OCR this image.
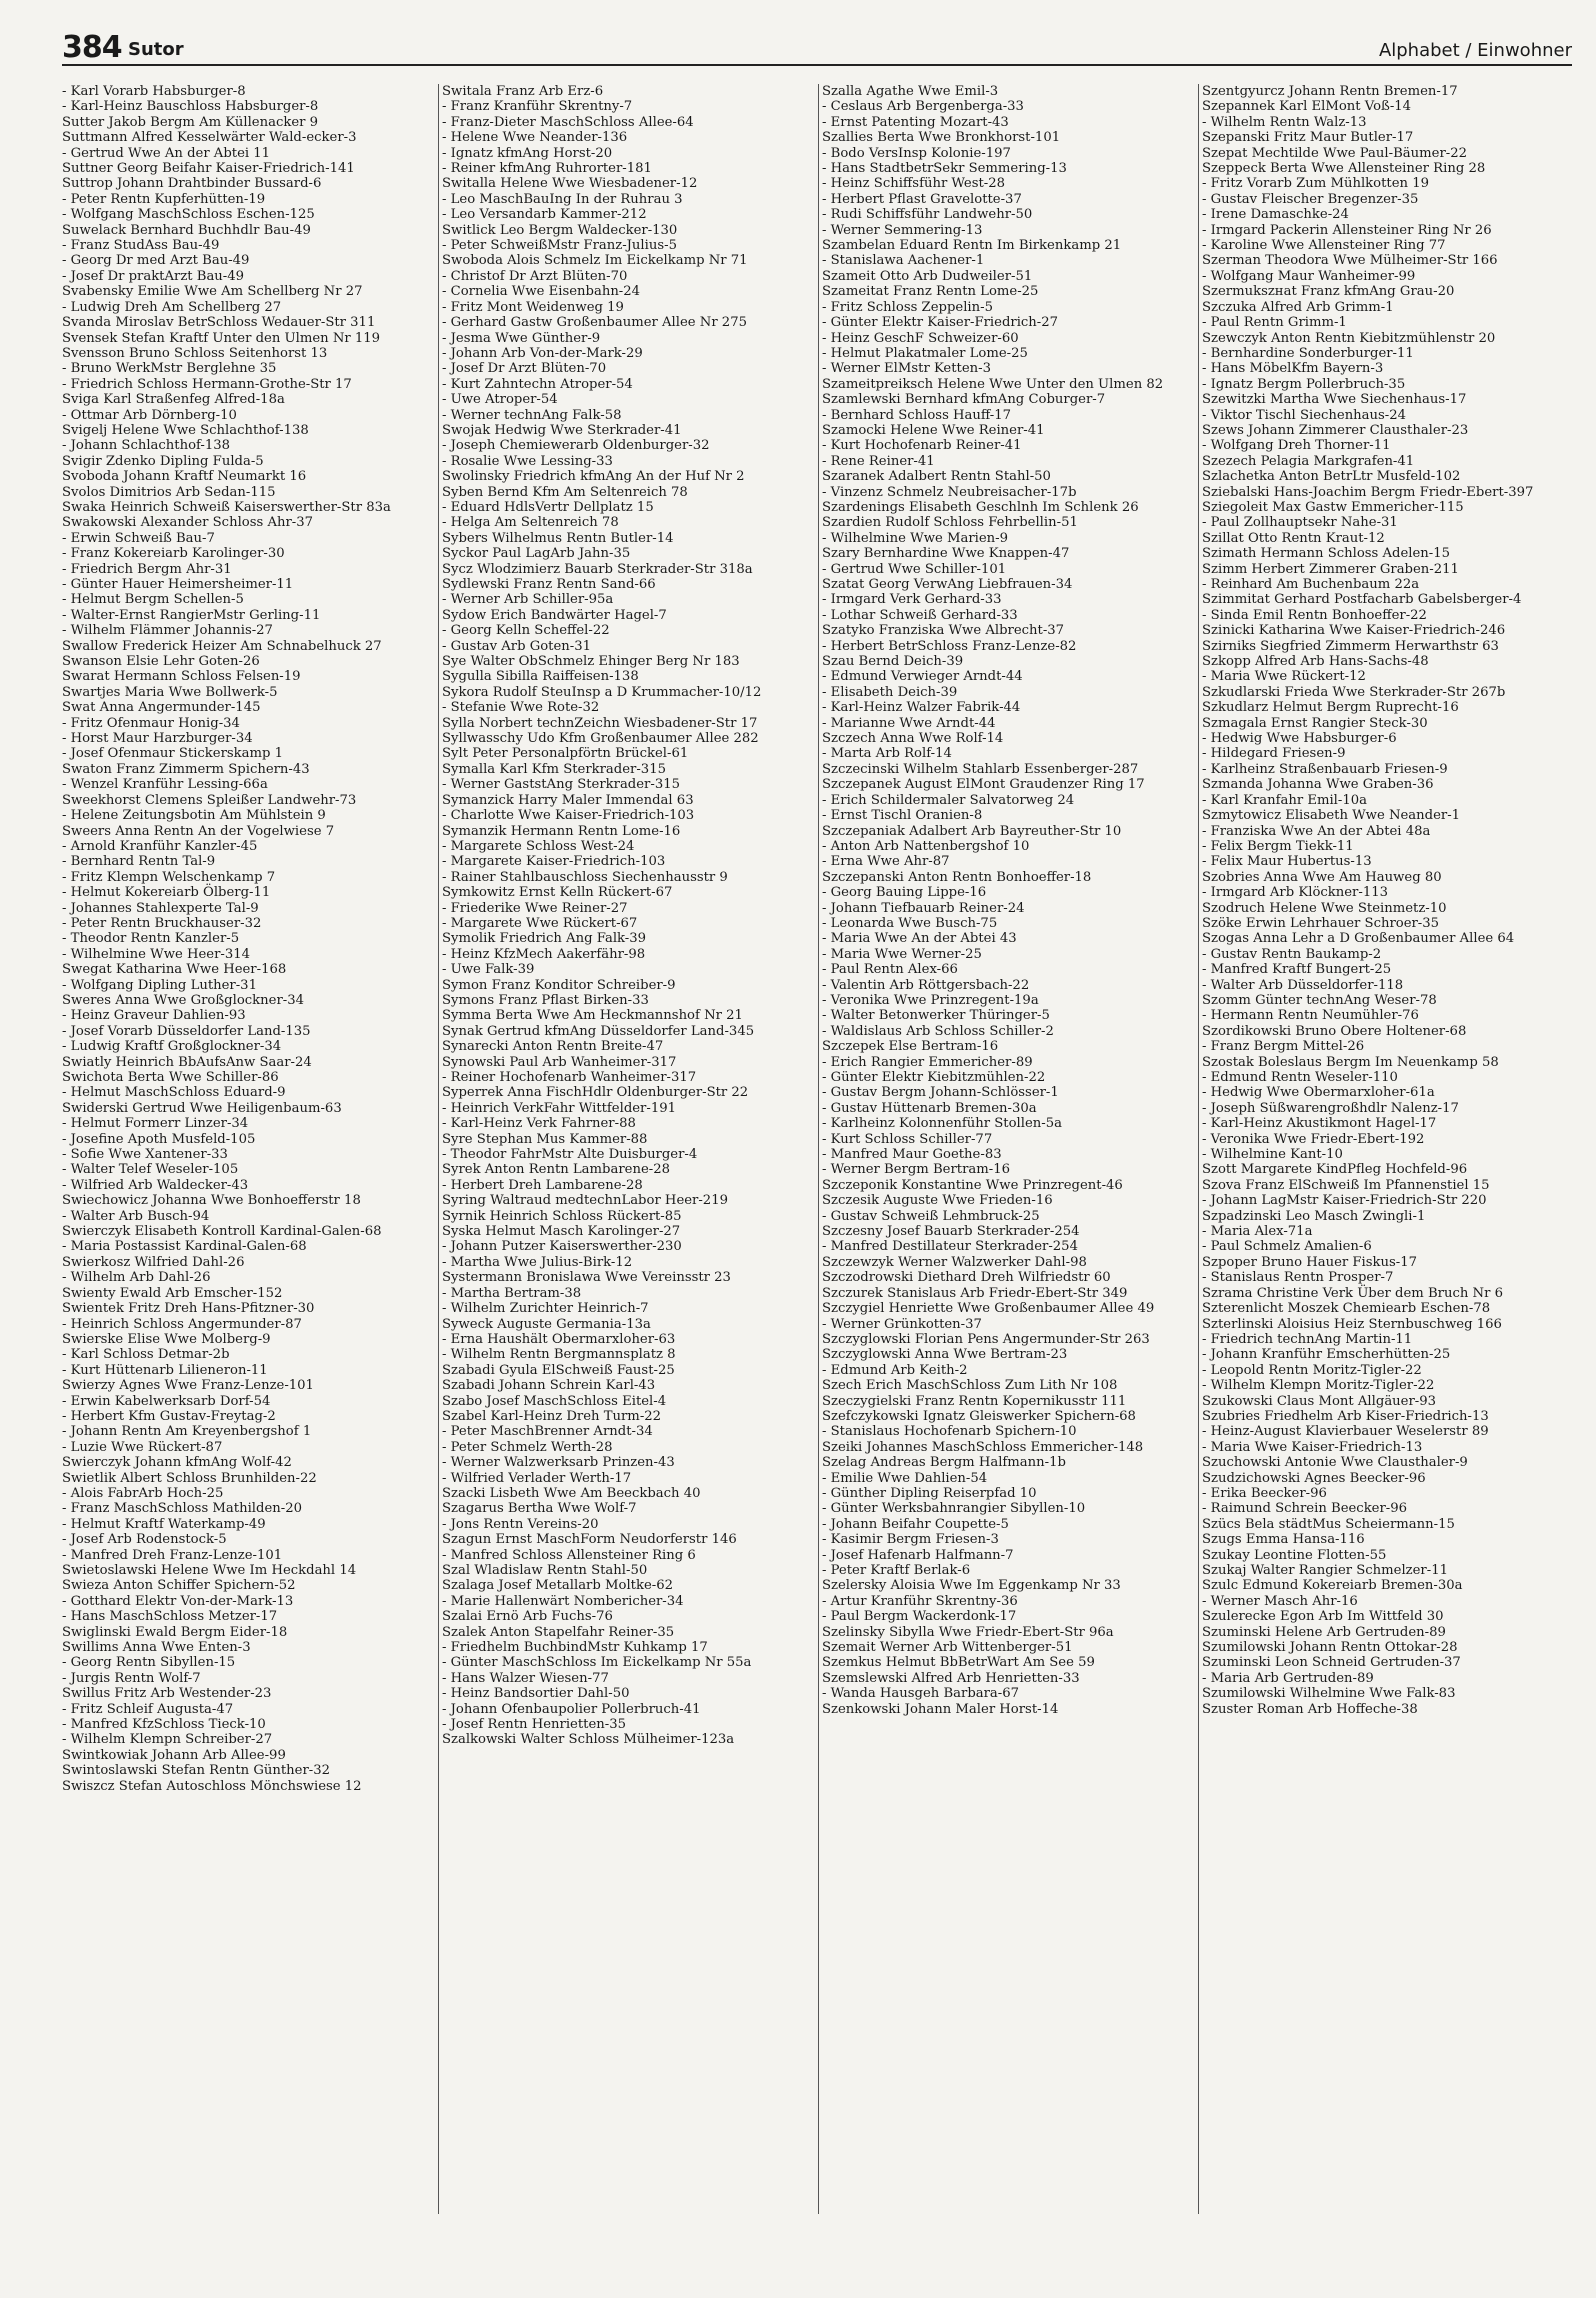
384 Sutor	Alphabet / Einwohner

- Karl Vorarb Habsburger-8

- Karl-Heinz Bauschloss Habsburger-8

Sutter Jakob Bergm Am Küllenacker 9

Suttmann Alfred Kesselwärter Wald-ecker-3

- Gertrud Wwe An der Abtei 11

Suttner Georg Beifahr Kaiser-Friedrich-141

Suttrop Johann Drahtbinder Bussard-6

- Peter Rentn Kupferhütten-19

- Wolfgang MaschSchloss Eschen-125

Suwelack Bernhard Buchhdlr Bau-49

- Franz StudAss Bau-49

- Georg Dr med Arzt Bau-49

- Josef Dr praktArzt Bau-49

Svabensky Emilie Wwe Am Schellberg Nr 27

- Ludwig Dreh Am Schellberg 27

Svanda Miroslav BetrSchloss Wedauer-Str 311

Svensek Stefan Kraftf Unter den Ulmen Nr 119

Svensson Bruno Schloss Seitenhorst 13

- Bruno WerkMstr Berglehne 35

- Friedrich Schloss Hermann-Grothe-Str 17

Sviga Karl Straßenfeg Alfred-18a

- Ottmar Arb Dörnberg-10

Svigelj Helene Wwe Schlachthof-138

- Johann Schlachthof-138

Svigir Zdenko Dipling Fulda-5

Svoboda Johann Kraftf Neumarkt 16

Svolos Dimitrios Arb Sedan-115

Swaka Heinrich Schweiß Kaiserswerther-Str 83a

Swakowski Alexander Schloss Ahr-37

- Erwin Schweiß Bau-7

- Franz Kokereiarb Karolinger-30

- Friedrich Bergm Ahr-31

- Günter Hauer Heimersheimer-11

- Helmut Bergm Schellen-5

- Walter-Ernst RangierMstr Gerling-11

- Wilhelm Flämmer Johannis-27

Swallow Frederick Heizer Am Schnabelhuck 27

Swanson Elsie Lehr Goten-26

Swarat Hermann Schloss Felsen-19

Swartjes Maria Wwe Bollwerk-5

Swat Anna Angermunder-145

- Fritz Ofenmaur Honig-34

- Horst Maur Harzburger-34

- Josef Ofenmaur Stickerskamp 1

Swaton Franz Zimmerm Spichern-43

- Wenzel Kranführ Lessing-66a

Sweekhorst Clemens Spleißer Landwehr-73

- Helene Zeitungsbotin Am Mühlstein 9

Sweers Anna Rentn An der Vogelwiese 7

- Arnold Kranführ Kanzler-45

- Bernhard Rentn Tal-9

- Fritz Klempn Welschenkamp 7

- Helmut Kokereiarb Ölberg-11

- Johannes Stahlexperte Tal-9

- Peter Rentn Bruckhauser-32

- Theodor Rentn Kanzler-5

- Wilhelmine Wwe Heer-314

Swegat Katharina Wwe Heer-168

- Wolfgang Dipling Luther-31

Sweres Anna Wwe Großglockner-34

- Heinz Graveur Dahlien-93

- Josef Vorarb Düsseldorfer Land-135

- Ludwig Kraftf Großglockner-34

Swiatly Heinrich BbAufsAnw Saar-24

Swichota Berta Wwe Schiller-86

- Helmut MaschSchloss Eduard-9

Swiderski Gertrud Wwe Heiligenbaum-63

- Helmut Formerr Linzer-34

- Josefine Apoth Musfeld-105

- Sofie Wwe Xantener-33

- Walter Telef Weseler-105

- Wilfried Arb Waldecker-43

Swiechowicz Johanna Wwe Bonhoefferstr 18

- Walter Arb Busch-94

Swierczyk Elisabeth Kontroll Kardinal-Galen-68

- Maria Postassist Kardinal-Galen-68

Swierkosz Wilfried Dahl-26

- Wilhelm Arb Dahl-26

Swienty Ewald Arb Emscher-152

Swientek Fritz Dreh Hans-Pfitzner-30

- Heinrich Schloss Angermunder-87

Swierske Elise Wwe Molberg-9

- Karl Schloss Detmar-2b

- Kurt Hüttenarb Lilieneron-11

Swierzy Agnes Wwe Franz-Lenze-101

- Erwin Kabelwerksarb Dorf-54

- Herbert Kfm Gustav-Freytag-2

- Johann Rentn Am Kreyenbergshof 1

- Luzie Wwe Rückert-87

Swierczyk Johann kfmAng Wolf-42

Swietlik Albert Schloss Brunhilden-22

- Alois FabrArb Hoch-25

- Franz MaschSchloss Mathilden-20

- Helmut Kraftf Waterkamp-49

- Josef Arb Rodenstock-5

- Manfred Dreh Franz-Lenze-101

Swietoslawski Helene Wwe Im Heckdahl 14

Swieza Anton Schiffer Spichern-52

- Gotthard Elektr Von-der-Mark-13

- Hans MaschSchloss Metzer-17

Swiglinski Ewald Bergm Eider-18

Swillims Anna Wwe Enten-3

- Georg Rentn Sibyllen-15

- Jurgis Rentn Wolf-7

Swillus Fritz Arb Westender-23

- Fritz Schleif Augusta-47

- Manfred KfzSchloss Tieck-10

- Wilhelm Klempn Schreiber-27

Swintkowiak Johann Arb Allee-99

Swintoslawski Stefan Rentn Günther-32

Swiszcz Stefan Autoschloss Mönchswiese 12

Switala Franz Arb Erz-6

- Franz Kranführ Skrentny-7

- Franz-Dieter MaschSchloss Allee-64

- Helene Wwe Neander-136

- Ignatz kfmAng Horst-20

- Reiner kfmAng Ruhrorter-181

Switalla Helene Wwe Wiesbadener-12

- Leo MaschBauIng In der Ruhrau 3

- Leo Versandarb Kammer-212

Switlick Leo Bergm Waldecker-130

- Peter SchweißMstr Franz-Julius-5

Swoboda Alois Schmelz Im Eickelkamp Nr 71

- Christof Dr Arzt Blüten-70

- Cornelia Wwe Eisenbahn-24

- Fritz Mont Weidenweg 19

- Gerhard Gastw Großenbaumer Allee Nr 275

- Jesma Wwe Günther-9

- Johann Arb Von-der-Mark-29

- Josef Dr Arzt Blüten-70

- Kurt Zahntechn Atroper-54

- Uwe Atroper-54

- Werner technAng Falk-58

Swojak Hedwig Wwe Sterkrader-41

- Joseph Chemiewerarb Oldenburger-32

- Rosalie Wwe Lessing-33

Swolinsky Friedrich kfmAng An der Huf Nr 2

Syben Bernd Kfm Am Seltenreich 78

- Eduard HdlsVertr Dellplatz 15

- Helga Am Seltenreich 78

Sybers Wilhelmus Rentn Butler-14

Syckor Paul LagArb Jahn-35

Sycz Wlodzimierz Bauarb Sterkrader-Str 318a

Sydlewski Franz Rentn Sand-66

- Werner Arb Schiller-95a

Sydow Erich Bandwärter Hagel-7

- Georg Kelln Scheffel-22

- Gustav Arb Goten-31

Sye Walter ObSchmelz Ehinger Berg Nr 183

Sygulla Sibilla Raiffeisen-138

Sykora Rudolf SteuInsp a D Krummacher-10/12

- Stefanie Wwe Rote-32

Sylla Norbert technZeichn Wiesbadener-Str 17

Syllwasschy Udo Kfm Großenbaumer Allee 282

Sylt Peter Personalpförtn Brückel-61

Symalla Karl Kfm Sterkrader-315

- Werner GaststAng Sterkrader-315

Symanzick Harry Maler Immendal 63

- Charlotte Wwe Kaiser-Friedrich-103

Symanzik Hermann Rentn Lome-16

- Margarete Schloss West-24

- Margarete Kaiser-Friedrich-103

- Rainer Stahlbauschloss Siechenhausstr 9

Symkowitz Ernst Kelln Rückert-67

- Friederike Wwe Reiner-27

- Margarete Wwe Rückert-67

Symolik Friedrich Ang Falk-39

- Heinz KfzMech Aakerfähr-98

- Uwe Falk-39

Symon Franz Konditor Schreiber-9

Symons Franz Pflast Birken-33

Symma Berta Wwe Am Heckmannshof Nr 21

Synak Gertrud kfmAng Düsseldorfer Land-345

Synarecki Anton Rentn Breite-47

Synowski Paul Arb Wanheimer-317

- Reiner Hochofenarb Wanheimer-317

Syperrek Anna FischHdlr Oldenburger-Str 22

- Heinrich VerkFahr Wittfelder-191

- Karl-Heinz Verk Fahrner-88

Syre Stephan Mus Kammer-88

- Theodor FahrMstr Alte Duisburger-4

Syrek Anton Rentn Lambarene-28

- Herbert Dreh Lambarene-28

Syring Waltraud medtechnLabor Heer-219

Syrnik Heinrich Schloss Rückert-85

Syska Helmut Masch Karolinger-27

- Johann Putzer Kaiserswerther-230

- Martha Wwe Julius-Birk-12

Systermann Bronislawa Wwe Vereinsstr 23

- Martha Bertram-38

- Wilhelm Zurichter Heinrich-7

Syweck Auguste Germania-13a

- Erna Haushält Obermarxloher-63

- Wilhelm Rentn Bergmannsplatz 8

Szabadi Gyula ElSchweiß Faust-25

Szabadi Johann Schrein Karl-43

Szabo Josef MaschSchloss Eitel-4

Szabel Karl-Heinz Dreh Turm-22

- Peter MaschBrenner Arndt-34

- Peter Schmelz Werth-28

- Werner Walzwerksarb Prinzen-43

- Wilfried Verlader Werth-17

Szacki Lisbeth Wwe Am Beeckbach 40

Szagarus Bertha Wwe Wolf-7

- Jons Rentn Vereins-20

Szagun Ernst MaschForm Neudorferstr 146

- Manfred Schloss Allensteiner Ring 6

Szal Wladislaw Rentn Stahl-50

Szalaga Josef Metallarb Moltke-62

- Marie Hallenwärt Nombericher-34

Szalai Ernö Arb Fuchs-76

Szalek Anton Stapelfahr Reiner-35

- Friedhelm BuchbindMstr Kuhkamp 17

- Günter MaschSchloss Im Eickelkamp Nr 55a

- Hans Walzer Wiesen-77

- Heinz Bandsortier Dahl-50

- Johann Ofenbaupolier Pollerbruch-41

- Josef Rentn Henrietten-35

Szalkowski Walter Schloss Mülheimer-123a

Szalla Agathe Wwe Emil-3

- Ceslaus Arb Bergenberga-33

- Ernst Patenting Mozart-43

Szallies Berta Wwe Bronkhorst-101

- Bodo VersInsp Kolonie-197

- Hans StadtbetrSekr Semmering-13

- Heinz Schiffsführ West-28

- Herbert Pflast Gravelotte-37

- Rudi Schiffsführ Landwehr-50

- Werner Semmering-13

Szambelan Eduard Rentn Im Birkenkamp 21

- Stanislawa Aachener-1

Szameit Otto Arb Dudweiler-51

Szameitat Franz Rentn Lome-25

- Fritz Schloss Zeppelin-5

- Günter Elektr Kaiser-Friedrich-27

- Heinz GeschF Schweizer-60

- Helmut Plakatmaler Lome-25

- Werner ElMstr Ketten-3

Szameitpreiksch Helene Wwe Unter den Ulmen 82

Szamlewski Bernhard kfmAng Coburger-7

- Bernhard Schloss Hauff-17

Szamocki Helene Wwe Reiner-41

- Kurt Hochofenarb Reiner-41

- Rene Reiner-41

Szaranek Adalbert Rentn Stahl-50

- Vinzenz Schmelz Neubreisacher-17b

Szardenings Elisabeth Geschlnh Im Schlenk 26

Szardien Rudolf Schloss Fehrbellin-51

- Wilhelmine Wwe Marien-9

Szary Bernhardine Wwe Knappen-47

- Gertrud Wwe Schiller-101

Szatat Georg VerwAng Liebfrauen-34

- Irmgard Verk Gerhard-33

- Lothar Schweiß Gerhard-33

Szatyko Franziska Wwe Albrecht-37

- Herbert BetrSchloss Franz-Lenze-82

Szau Bernd Deich-39

- Edmund Verwieger Arndt-44

- Elisabeth Deich-39

- Karl-Heinz Walzer Fabrik-44

- Marianne Wwe Arndt-44

Szczech Anna Wwe Rolf-14

- Marta Arb Rolf-14

Szczecinski Wilhelm Stahlarb Essenberger-287

Szczepanek August ElMont Graudenzer Ring 17

- Erich Schildermaler Salvatorweg 24

- Ernst Tischl Oranien-8

Szczepaniak Adalbert Arb Bayreuther-Str 10

- Anton Arb Nattenbergshof 10

- Erna Wwe Ahr-87

Szczepanski Anton Rentn Bonhoeffer-18

- Georg Bauing Lippe-16

- Johann Tiefbauarb Reiner-24

- Leonarda Wwe Busch-75

- Maria Wwe An der Abtei 43

- Maria Wwe Werner-25

- Paul Rentn Alex-66

- Valentin Arb Röttgersbach-22

- Veronika Wwe Prinzregent-19a

- Walter Betonwerker Thüringer-5

- Waldislaus Arb Schloss Schiller-2

Szczepek Else Bertram-16

- Erich Rangier Emmericher-89

- Günter Elektr Kiebitzmühlen-22

- Gustav Bergm Johann-Schlösser-1

- Gustav Hüttenarb Bremen-30a

- Karlheinz Kolonnenführ Stollen-5a

- Kurt Schloss Schiller-77

- Manfred Maur Goethe-83

- Werner Bergm Bertram-16

Szczeponik Konstantine Wwe Prinzregent-46

Szczesik Auguste Wwe Frieden-16

- Gustav Schweiß Lehmbruck-25

Szczesny Josef Bauarb Sterkrader-254

- Manfred Destillateur Sterkrader-254

Szczewzyk Werner Walzwerker Dahl-98

Szczodrowski Diethard Dreh Wilfriedstr 60

Szczurek Stanislaus Arb Friedr-Ebert-Str 349

Szczygiel Henriette Wwe Großenbaumer Allee 49

- Werner Grünkotten-37

Szczyglowski Florian Pens Angermunder-Str 263

Szczyglowski Anna Wwe Bertram-23

- Edmund Arb Keith-2

Szech Erich MaschSchloss Zum Lith Nr 108

Szeczygielski Franz Rentn Kopernikusstr 111

Szefczykowski Ignatz Gleiswerker Spichern-68

- Stanislaus Hochofenarb Spichern-10

Szeiki Johannes MaschSchloss Emmericher-148

Szelag Andreas Bergm Halfmann-1b

- Emilie Wwe Dahlien-54

- Günther Dipling Reiserpfad 10

- Günter Werksbahnrangier Sibyllen-10

- Johann Beifahr Coupette-5

- Kasimir Bergm Friesen-3

- Josef Hafenarb Halfmann-7

- Peter Kraftf Berlak-6

Szelersky Aloisia Wwe Im Eggenkamp Nr 33

- Artur Kranführ Skrentny-36

- Paul Bergm Wackerdonk-17

Szelinsky Sibylla Wwe Friedr-Ebert-Str 96a

Szemait Werner Arb Wittenberger-51

Szemkus Helmut BbBetrWart Am See 59

Szemslewski Alfred Arb Henrietten-33

- Wanda Hausgeh Barbara-67

Szenkowski Johann Maler Horst-14

Szentgyurcz Johann Rentn Bremen-17

Szepannek Karl ElMont Voß-14

- Wilhelm Rentn Walz-13

Szepanski Fritz Maur Butler-17

Szepat Mechtilde Wwe Paul-Bäumer-22

Szeppeck Berta Wwe Allensteiner Ring 28

- Fritz Vorarb Zum Mühlkotten 19

- Gustav Fleischer Bregenzer-35

- Irene Damaschke-24

- Irmgard Packerin Allensteiner Ring Nr 26

- Karoline Wwe Allensteiner Ring 77

Szerman Theodora Wwe Mülheimer-Str 166

- Wolfgang Maur Wanheimer-99

Szermukszнаt Franz kfmAng Grau-20

Szczuka Alfred Arb Grimm-1

- Paul Rentn Grimm-1

Szewczyk Anton Rentn Kiebitzmühlenstr 20

- Bernhardine Sonderburger-11

- Hans MöbelKfm Bayern-3

- Ignatz Bergm Pollerbruch-35

Szewitzki Martha Wwe Siechenhaus-17

- Viktor Tischl Siechenhaus-24

Szews Johann Zimmerer Clausthaler-23

- Wolfgang Dreh Thorner-11

Szezech Pelagia Markgrafen-41

Szlachetka Anton BetrLtr Musfeld-102

Sziebalski Hans-Joachim Bergm Friedr-Ebert-397

Sziegoleit Max Gastw Emmericher-115

- Paul Zollhauptsekr Nahe-31

Szillat Otto Rentn Kraut-12

Szimath Hermann Schloss Adelen-15

Szimm Herbert Zimmerer Graben-211

- Reinhard Am Buchenbaum 22a

Szimmitat Gerhard Postfacharb Gabelsberger-4

- Sinda Emil Rentn Bonhoeffer-22

Szinicki Katharina Wwe Kaiser-Friedrich-246

Szirniks Siegfried Zimmerm Herwarthstr 63

Szkopp Alfred Arb Hans-Sachs-48

- Maria Wwe Rückert-12

Szkudlarski Frieda Wwe Sterkrader-Str 267b

Szkudlarz Helmut Bergm Ruprecht-16

Szmagala Ernst Rangier Steck-30

- Hedwig Wwe Habsburger-6

- Hildegard Friesen-9

- Karlheinz Straßenbauarb Friesen-9

Szmanda Johanna Wwe Graben-36

- Karl Kranfahr Emil-10a

Szmytowicz Elisabeth Wwe Neander-1

- Franziska Wwe An der Abtei 48a

- Felix Bergm Tiekk-11

- Felix Maur Hubertus-13

Szobries Anna Wwe Am Hauweg 80

- Irmgard Arb Klöckner-113

Szodruch Helene Wwe Steinmetz-10

Szöke Erwin Lehrhauer Schroer-35

Szogas Anna Lehr a D Großenbaumer Allee 64

- Gustav Rentn Baukamp-2

- Manfred Kraftf Bungert-25

- Walter Arb Düsseldorfer-118

Szomm Günter technAng Weser-78

- Hermann Rentn Neumühler-76

Szordikowski Bruno Obere Holtener-68

- Franz Bergm Mittel-26

Szostak Boleslaus Bergm Im Neuenkamp 58

- Edmund Rentn Weseler-110

- Hedwig Wwe Obermarxloher-61a

- Joseph Süßwarengroßhdlr Nalenz-17

- Karl-Heinz Akustikmont Hagel-17

- Veronika Wwe Friedr-Ebert-192

- Wilhelmine Kant-10

Szott Margarete KindPfleg Hochfeld-96

Szova Franz ElSchweiß Im Pfannenstiel 15

- Johann LagMstr Kaiser-Friedrich-Str 220

Szpadzinski Leo Masch Zwingli-1

- Maria Alex-71a

- Paul Schmelz Amalien-6

Szpoper Bruno Hauer Fiskus-17

- Stanislaus Rentn Prosper-7

Szrama Christine Verk Über dem Bruch Nr 6

Szterenlicht Moszek Chemiearb Eschen-78

Szterlinski Aloisius Heiz Sternbuschweg 166

- Friedrich technAng Martin-11

- Johann Kranführ Emscherhütten-25

- Leopold Rentn Moritz-Tigler-22

- Wilhelm Klempn Moritz-Tigler-22

Szukowski Claus Mont Allgäuer-93

Szubries Friedhelm Arb Kiser-Friedrich-13

- Heinz-August Klavierbauer Weselerstr 89

- Maria Wwe Kaiser-Friedrich-13

Szuchowski Antonie Wwe Clausthaler-9

Szudzichowski Agnes Beecker-96

- Erika Beecker-96

- Raimund Schrein Beecker-96

Szücs Bela städtMus Scheiermann-15

Szugs Emma Hansa-116

Szukay Leontine Flotten-55

Szukaj Walter Rangier Schmelzer-11

Szulc Edmund Kokereiarb Bremen-30a

- Werner Masch Ahr-16

Szulerecke Egon Arb Im Wittfeld 30

Szuminski Helene Arb Gertruden-89

Szumilowski Johann Rentn Ottokar-28

Szuminski Leon Schneid Gertruden-37

- Maria Arb Gertruden-89

Szumilowski Wilhelmine Wwe Falk-83

Szuster Roman Arb Hoffeche-38
